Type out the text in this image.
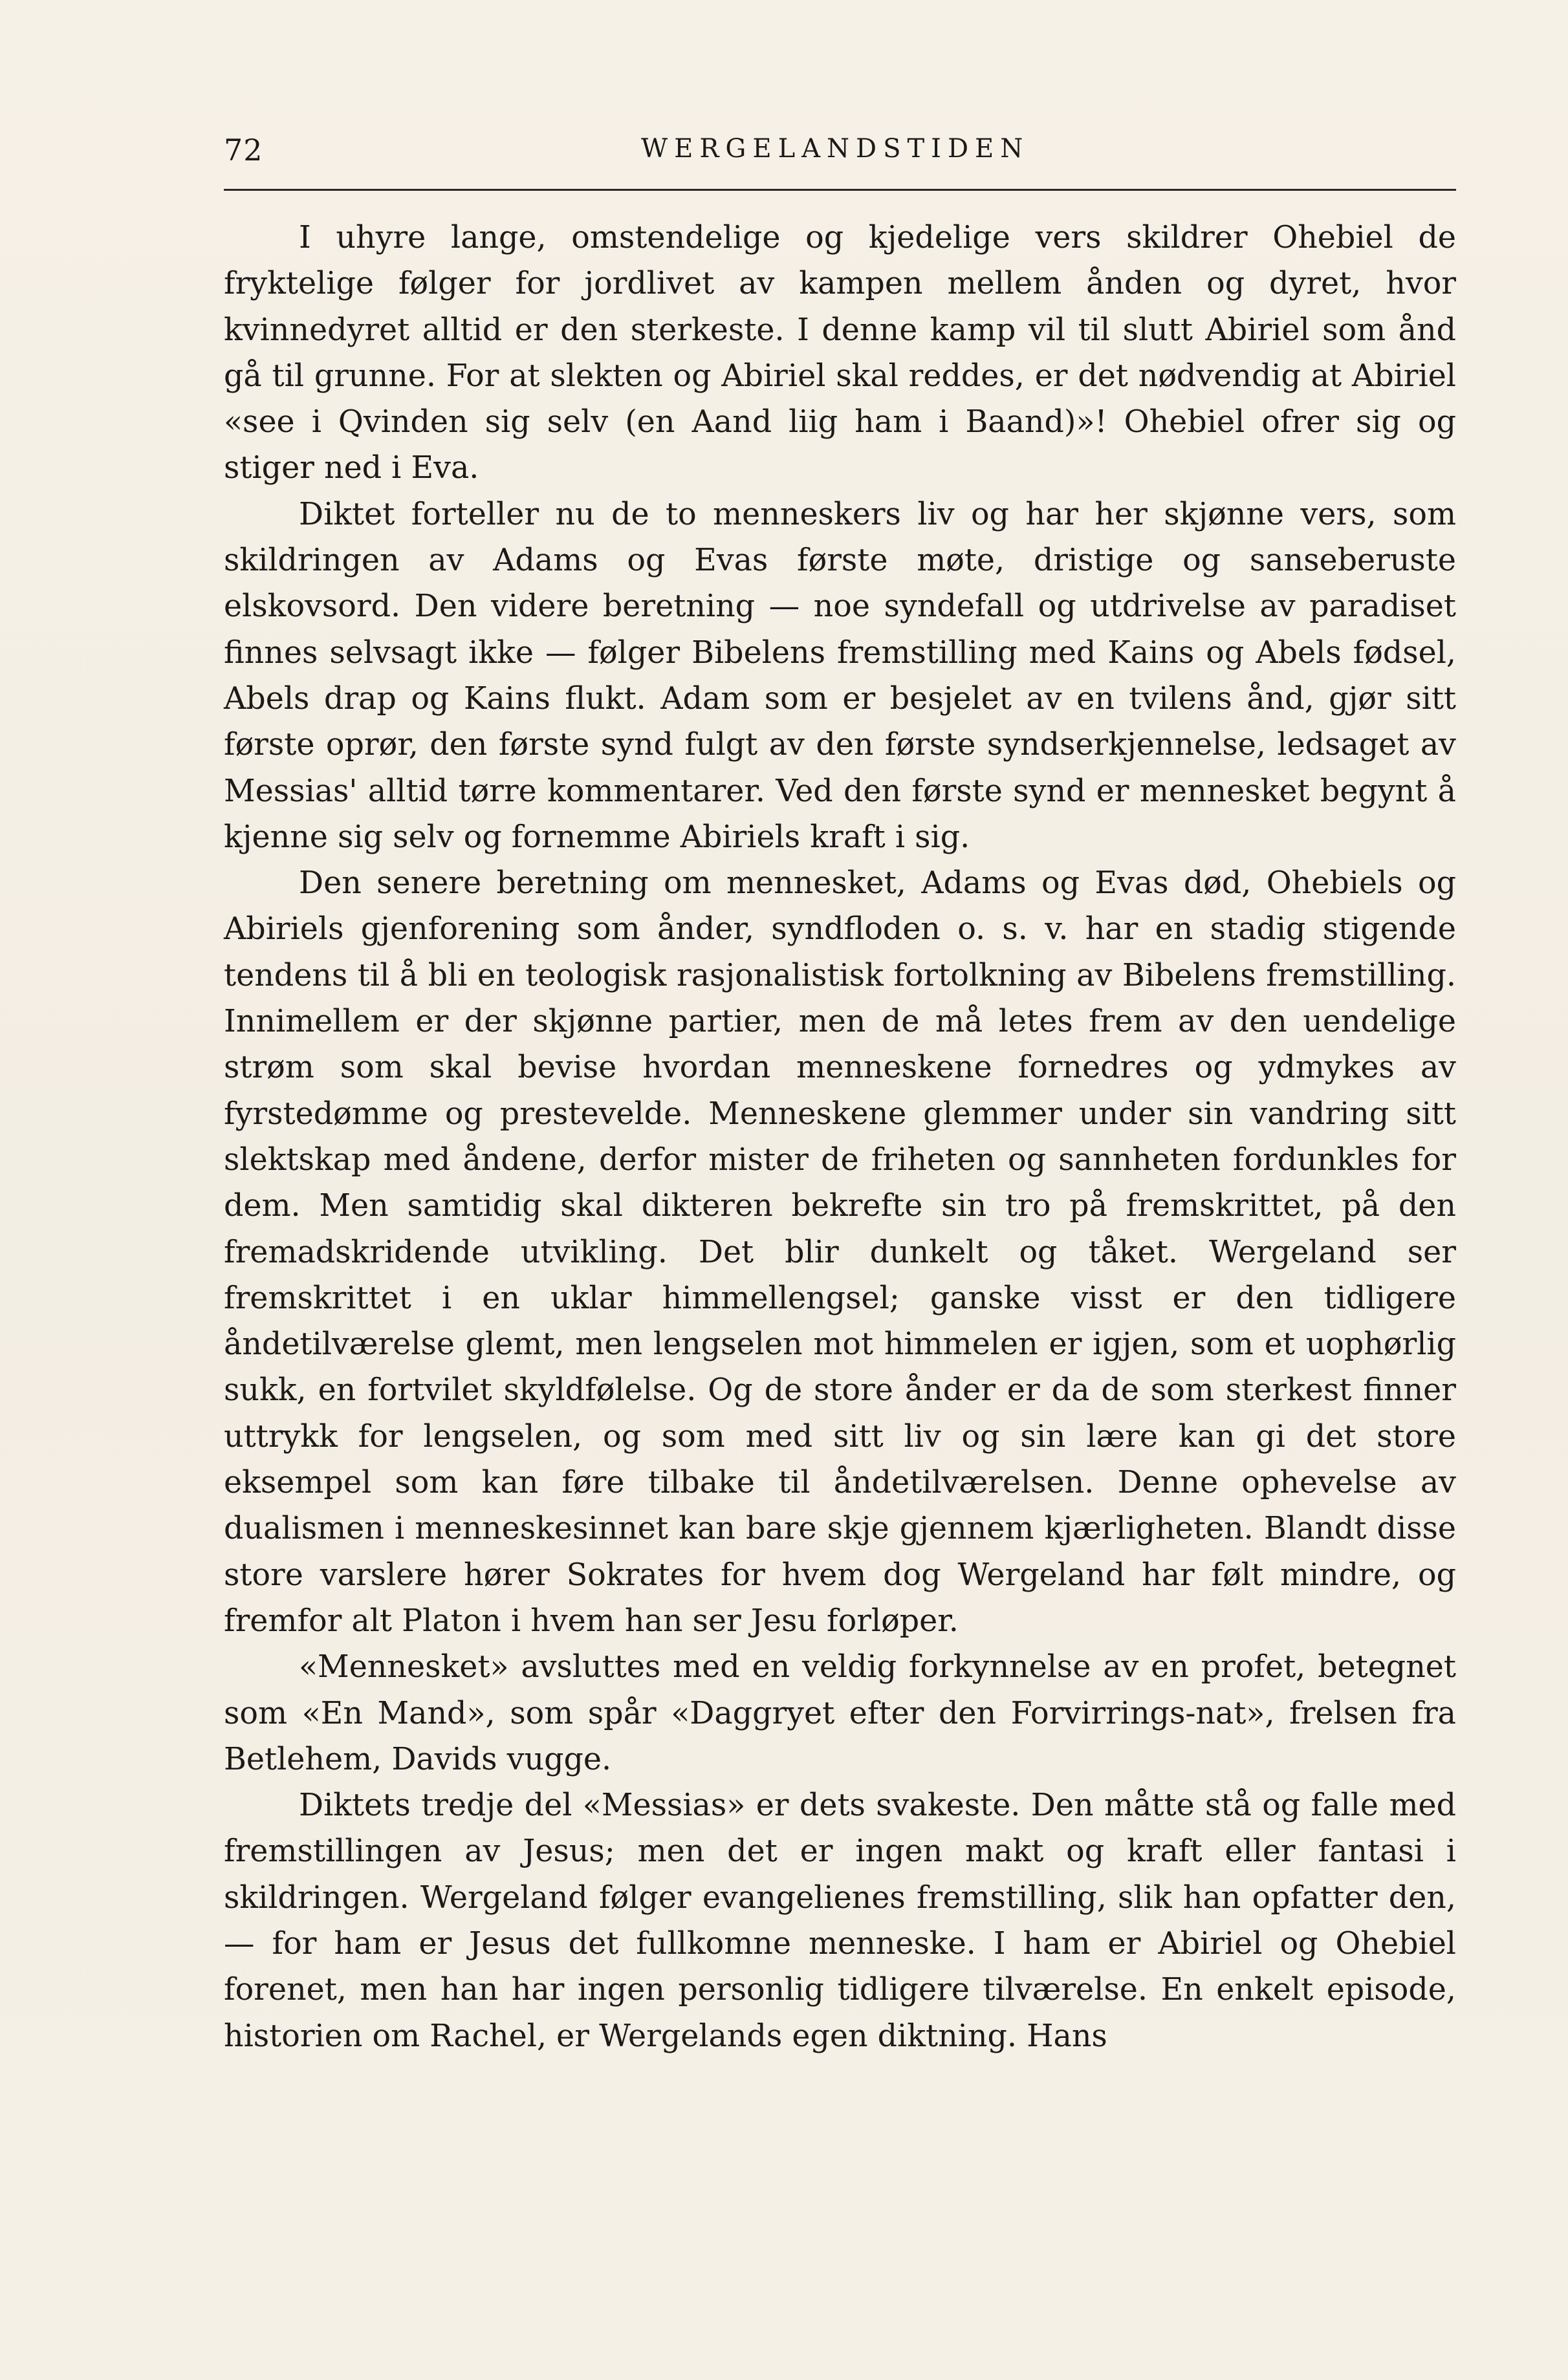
72	WERGELANDSTIDEN

I uhyre lange, omstendelige og kjedelige vers skildrer Ohebiel de fryktelige følger for jordlivet av kampen mellem ånden og dyret, hvor kvinnedyret alltid er den sterkeste. I denne kamp vil til slutt Abiriel som ånd gå til grunne. For at slekten og Abiriel skal reddes, er det nødvendig at Abiriel «see i Qvinden sig selv (en Aand liig ham i Baand)»! Ohebiel ofrer sig og stiger ned i Eva.

Diktet forteller nu de to menneskers liv og har her skjønne vers, som skildringen av Adams og Evas første møte, dristige og sanseberuste elskovsord. Den videre beretning — noe syndefall og utdrivelse av paradiset finnes selvsagt ikke — følger Bibelens fremstilling med Kains og Abels fødsel, Abels drap og Kains flukt. Adam som er besjelet av en tvilens ånd, gjør sitt første oprør, den første synd fulgt av den første syndserkjennelse, ledsaget av Messias' alltid tørre kommentarer. Ved den første synd er mennesket begynt å kjenne sig selv og fornemme Abiriels kraft i sig.

Den senere beretning om mennesket, Adams og Evas død, Ohebiels og Abiriels gjenforening som ånder, syndfloden o. s. v. har en stadig stigende tendens til å bli en teologisk rasjonalistisk fortolkning av Bibelens fremstilling. Innimellem er der skjønne partier, men de må letes frem av den uendelige strøm som skal bevise hvordan menneskene fornedres og ydmykes av fyrstedømme og prestevelde. Menneskene glemmer under sin vandring sitt slektskap med åndene, derfor mister de friheten og sannheten fordunkles for dem. Men samtidig skal dikteren bekrefte sin tro på fremskrittet, på den fremadskridende utvikling. Det blir dunkelt og tåket. Wergeland ser fremskrittet i en uklar himmellengsel; ganske visst er den tidligere åndetilværelse glemt, men lengselen mot himmelen er igjen, som et uophørlig sukk, en fortvilet skyldfølelse. Og de store ånder er da de som sterkest finner uttrykk for lengselen, og som med sitt liv og sin lære kan gi det store eksempel som kan føre tilbake til åndetilværelsen. Denne ophevelse av dualismen i menneskesinnet kan bare skje gjennem kjærligheten. Blandt disse store varslere hører Sokrates for hvem dog Wergeland har følt mindre, og fremfor alt Platon i hvem han ser Jesu forløper.

«Mennesket» avsluttes med en veldig forkynnelse av en profet, betegnet som «En Mand», som spår «Daggryet efter den Forvirrings-nat», frelsen fra Betlehem, Davids vugge.

Diktets tredje del «Messias» er dets svakeste. Den måtte stå og falle med fremstillingen av Jesus; men det er ingen makt og kraft eller fantasi i skildringen. Wergeland følger evangelienes fremstilling, slik han opfatter den, — for ham er Jesus det fullkomne menneske. I ham er Abiriel og Ohebiel forenet, men han har ingen personlig tidligere tilværelse. En enkelt episode, historien om Rachel, er Wergelands egen diktning. Hans
